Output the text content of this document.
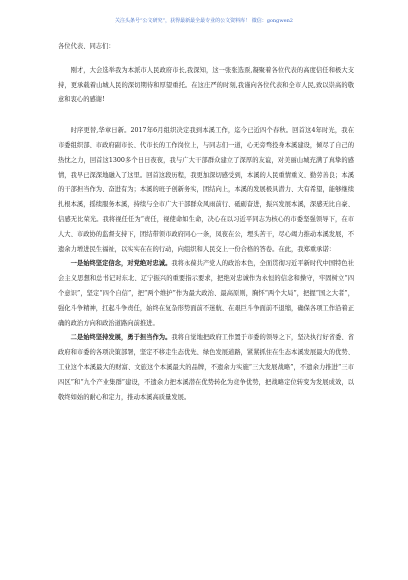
关注头条号“公文研究”，获得最新最全最专业的公文资料库！ 微信：gongwen2

各位代表、同志们：

刚才，大会选举我为本派市人民政府市长,我深知，这一张张选票,凝聚着各位代表的高度信任和极大支持，更承载着山城人民的深切期待和厚望重托。在这庄严的时刻,我谨向各位代表和全市人民,致以崇高的敬意和衷心的感谢!

时序更替,华章日新。2017年6月组织决定我到本溪工作，迄今已近四个春秋。回首这4年时光，我在市委组织部、市政府副市长、代市长的工作岗位上，与同志们一道，心无旁骛投身本溪建设，倾尽了自己的热忱之力，回首这1300多个日日夜夜，我与广大干部群众建立了深厚的友谊，对美丽山城充满了真挚的感情，我早已深深地融入了这里。回首这段历程，我更加深切感受到，本溪的人民重情重义、勤劳善良；本溪的干部担当作为、奋进有为；本溪的班子创新务实，团结向上，本溪的发展极具潜力、大有希望，能够继续扎根本溪，摇续服务本溪，持续与全市广大干部群众风雨前行、砥砺奋进，振兴发展本溪，深感无比自豪、信感无比荣光。我将视任任为“责任，视使命如生命，决心在以习近平同志为核心的市委坚强领导下，在市人大、市政协的监督支持下，团结带领市政府同心一条，凤夜在公，埋头苦干，尽心竭力推动本溪发展，不遗余力增进民生福祉，以实实在在的行动，向组织和人民交上一份合格的答卷。在此，我郑重承诺：

一是始终坚定信念，对党绝对忠诚。我将永葆共产党人的政治本色，全面贯彻习近平新时代中国特色社会主义思想和总书记对东北、辽宁振兴的重要指示要求，把绝对忠诚作为永恒的信念和操守，牢固树立“四个意识”，坚定“四个自信”，把“两个维护”作为最大政治、最高原则，胸怀“两个大局”，把握“国之大者”，强化斗争精神，扛起斗争责任，始终在复杂形势面前不迷航、在艰巨斗争面前不退缩，确保各项工作沿着正确的政治方向和政治道路向前推进。

二是始终坚持发展，勇于担当作为。我将自觉地把政府工作置于市委的领导之下，坚决执行好省委、省政府和市委的各项决策部署，坚定不移走生态优先、绿色发展道路，紧紧抓住在生态本溪发展最大的优势、工业这个本溪最大的财富、文旅这个本溪最大的品牌，不遗余力实施“三大发展战略”，不遗余力推进“三市四区”和“九个产业集群”建设，不遗余力把本溪潜在优势转化为竞争优势，把战略定位转变为发展成效，以敬终如始的耐心和定力，推动本溪高质量发展。
